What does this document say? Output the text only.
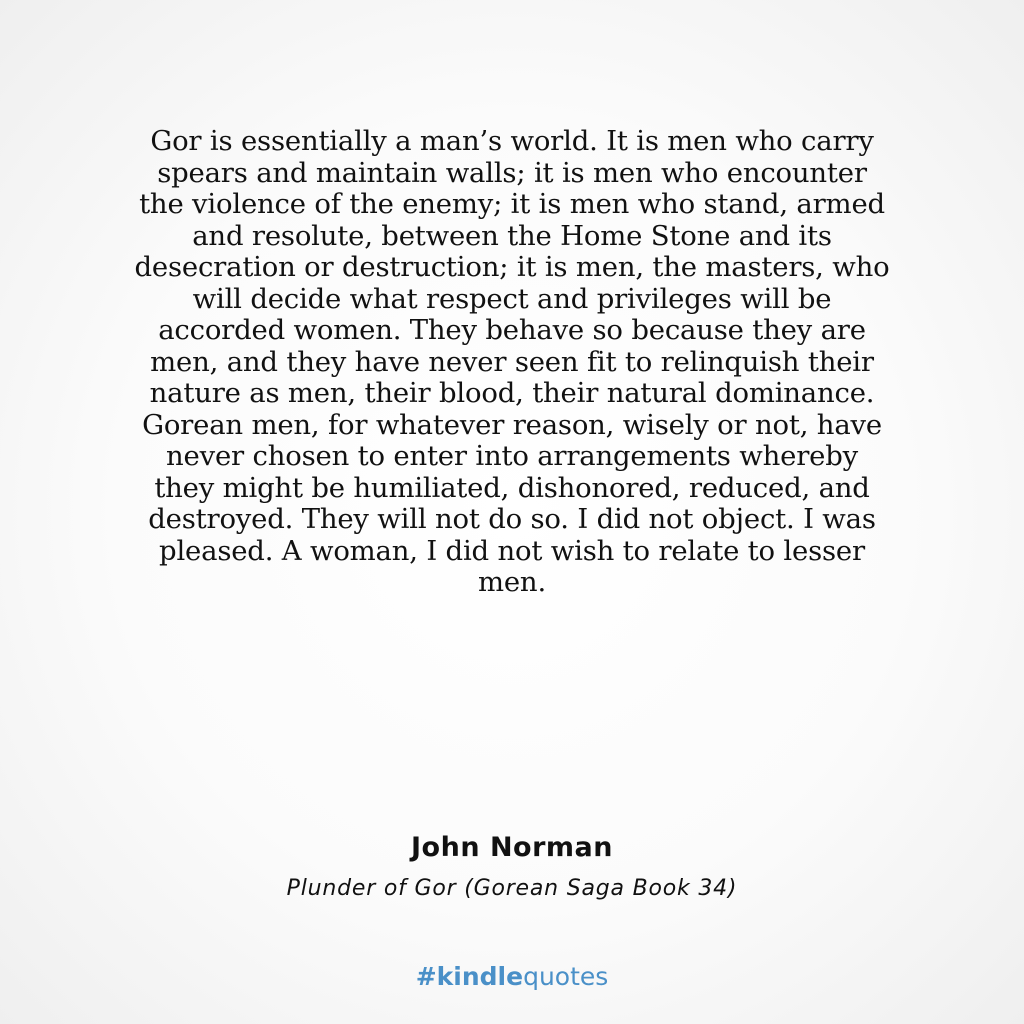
Gor is essentially a man’s world. It is men who carry
spears and maintain walls; it is men who encounter
the violence of the enemy; it is men who stand, armed
and resolute, between the Home Stone and its
desecration or destruction; it is men, the masters, who
will decide what respect and privileges will be
accorded women. They behave so because they are
men, and they have never seen fit to relinquish their
nature as men, their blood, their natural dominance.
Gorean men, for whatever reason, wisely or not, have
never chosen to enter into arrangements whereby
they might be humiliated, dishonored, reduced, and
destroyed. They will not do so. I did not object. I was
pleased. A woman, I did not wish to relate to lesser
men.

John Norman

Plunder of Gor (Gorean Saga Book 34)

#kindlequotes
